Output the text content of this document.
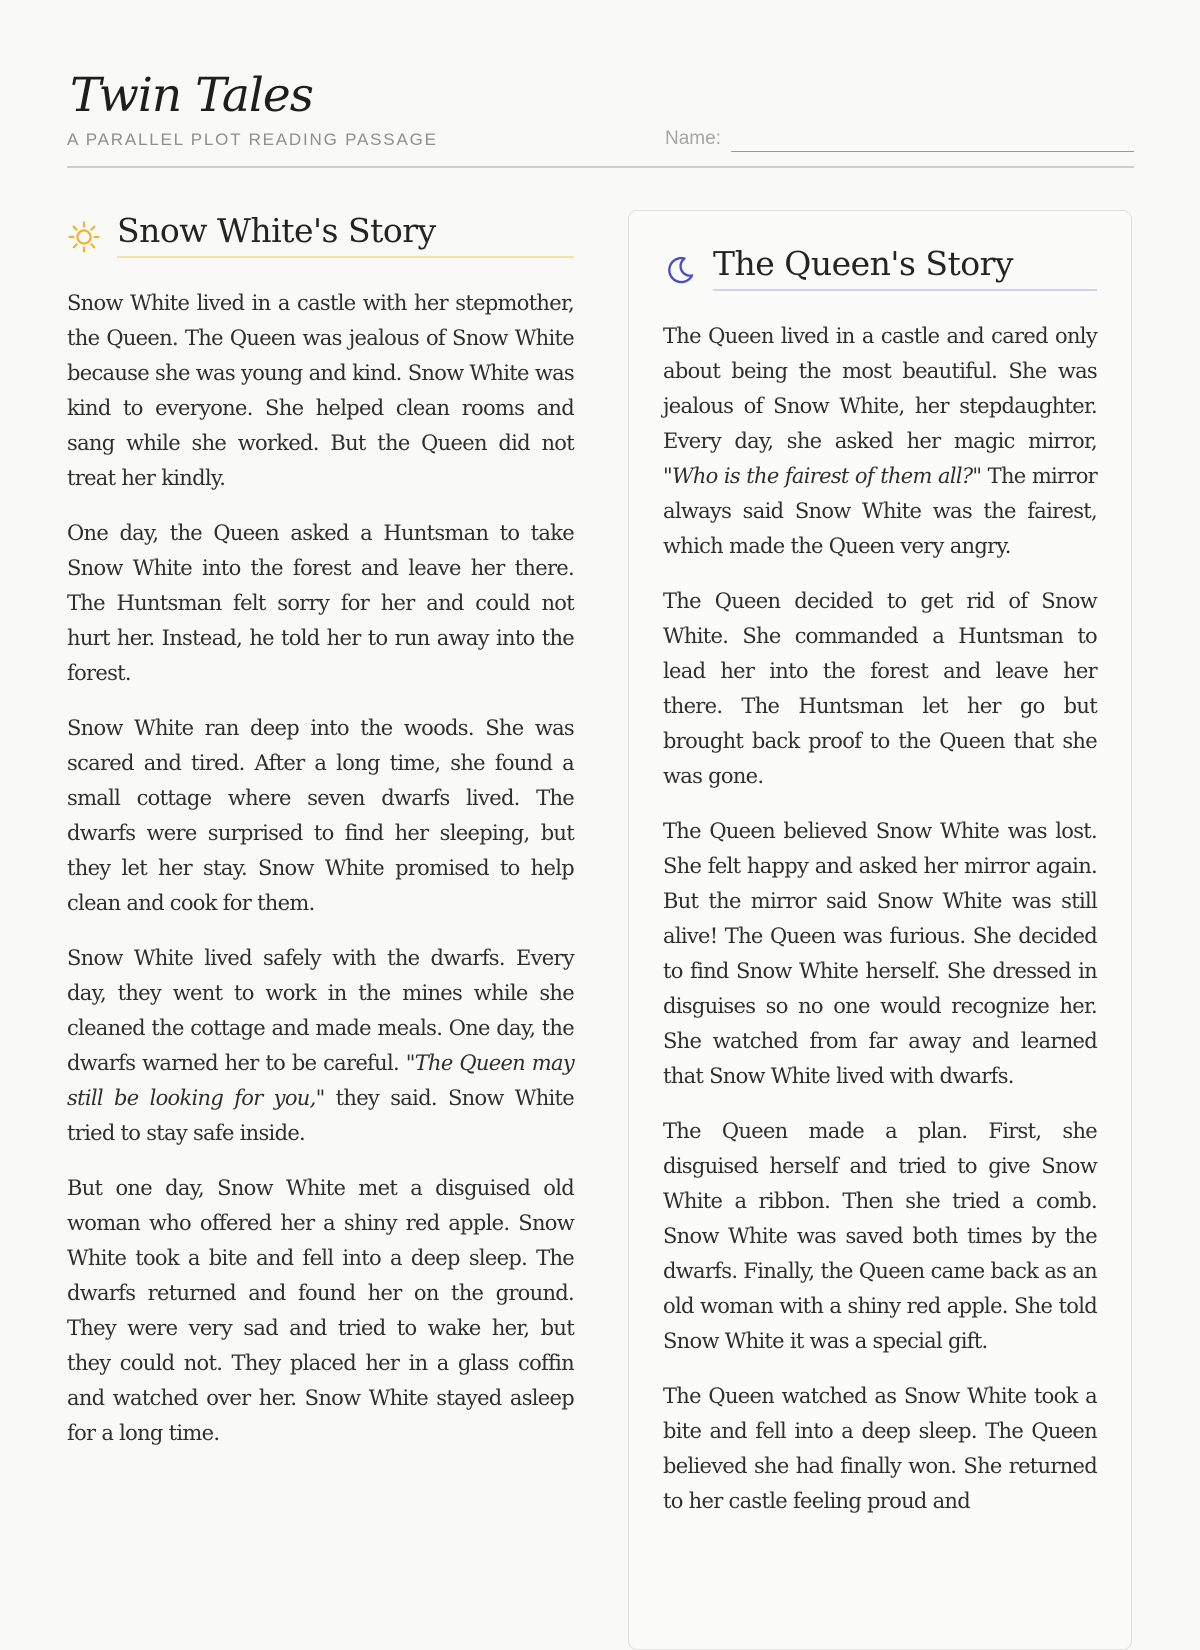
Twin Tales
A PARALLEL PLOT READING PASSAGE	Name:
Snow White's Story

Snow White lived in a castle with her stepmother, the Queen. The Queen was jealous of Snow White because she was young and kind. Snow White was kind to everyone. She helped clean rooms and sang while she worked. But the Queen did not treat her kindly.

One day, the Queen asked a Huntsman to take Snow White into the forest and leave her there. The Huntsman felt sorry for her and could not hurt her. Instead, he told her to run away into the forest.

Snow White ran deep into the woods. She was scared and tired. After a long time, she found a small cottage where seven dwarfs lived. The dwarfs were surprised to find her sleeping, but they let her stay. Snow White promised to help clean and cook for them.

Snow White lived safely with the dwarfs. Every day, they went to work in the mines while she cleaned the cottage and made meals. One day, the dwarfs warned her to be careful. "The Queen may still be looking for you," they said. Snow White tried to stay safe inside.

But one day, Snow White met a disguised old woman who offered her a shiny red apple. Snow White took a bite and fell into a deep sleep. The dwarfs returned and found her on the ground. They were very sad and tried to wake her, but they could not. They placed her in a glass coffin and watched over her. Snow White stayed asleep for a long time.

The Queen's Story

The Queen lived in a castle and cared only about being the most beautiful. She was jealous of Snow White, her stepdaughter. Every day, she asked her magic mirror, "Who is the fairest of them all?" The mirror always said Snow White was the fairest, which made the Queen very angry.

The Queen decided to get rid of Snow White. She commanded a Huntsman to lead her into the forest and leave her there. The Huntsman let her go but brought back proof to the Queen that she was gone.

The Queen believed Snow White was lost. She felt happy and asked her mirror again. But the mirror said Snow White was still alive! The Queen was furious. She decided to find Snow White herself. She dressed in disguises so no one would recognize her. She watched from far away and learned that Snow White lived with dwarfs.

The Queen made a plan. First, she disguised herself and tried to give Snow White a ribbon. Then she tried a comb. Snow White was saved both times by the dwarfs. Finally, the Queen came back as an old woman with a shiny red apple. She told Snow White it was a special gift.

The Queen watched as Snow White took a bite and fell into a deep sleep. The Queen believed she had finally won. She returned to her castle feeling proud and
